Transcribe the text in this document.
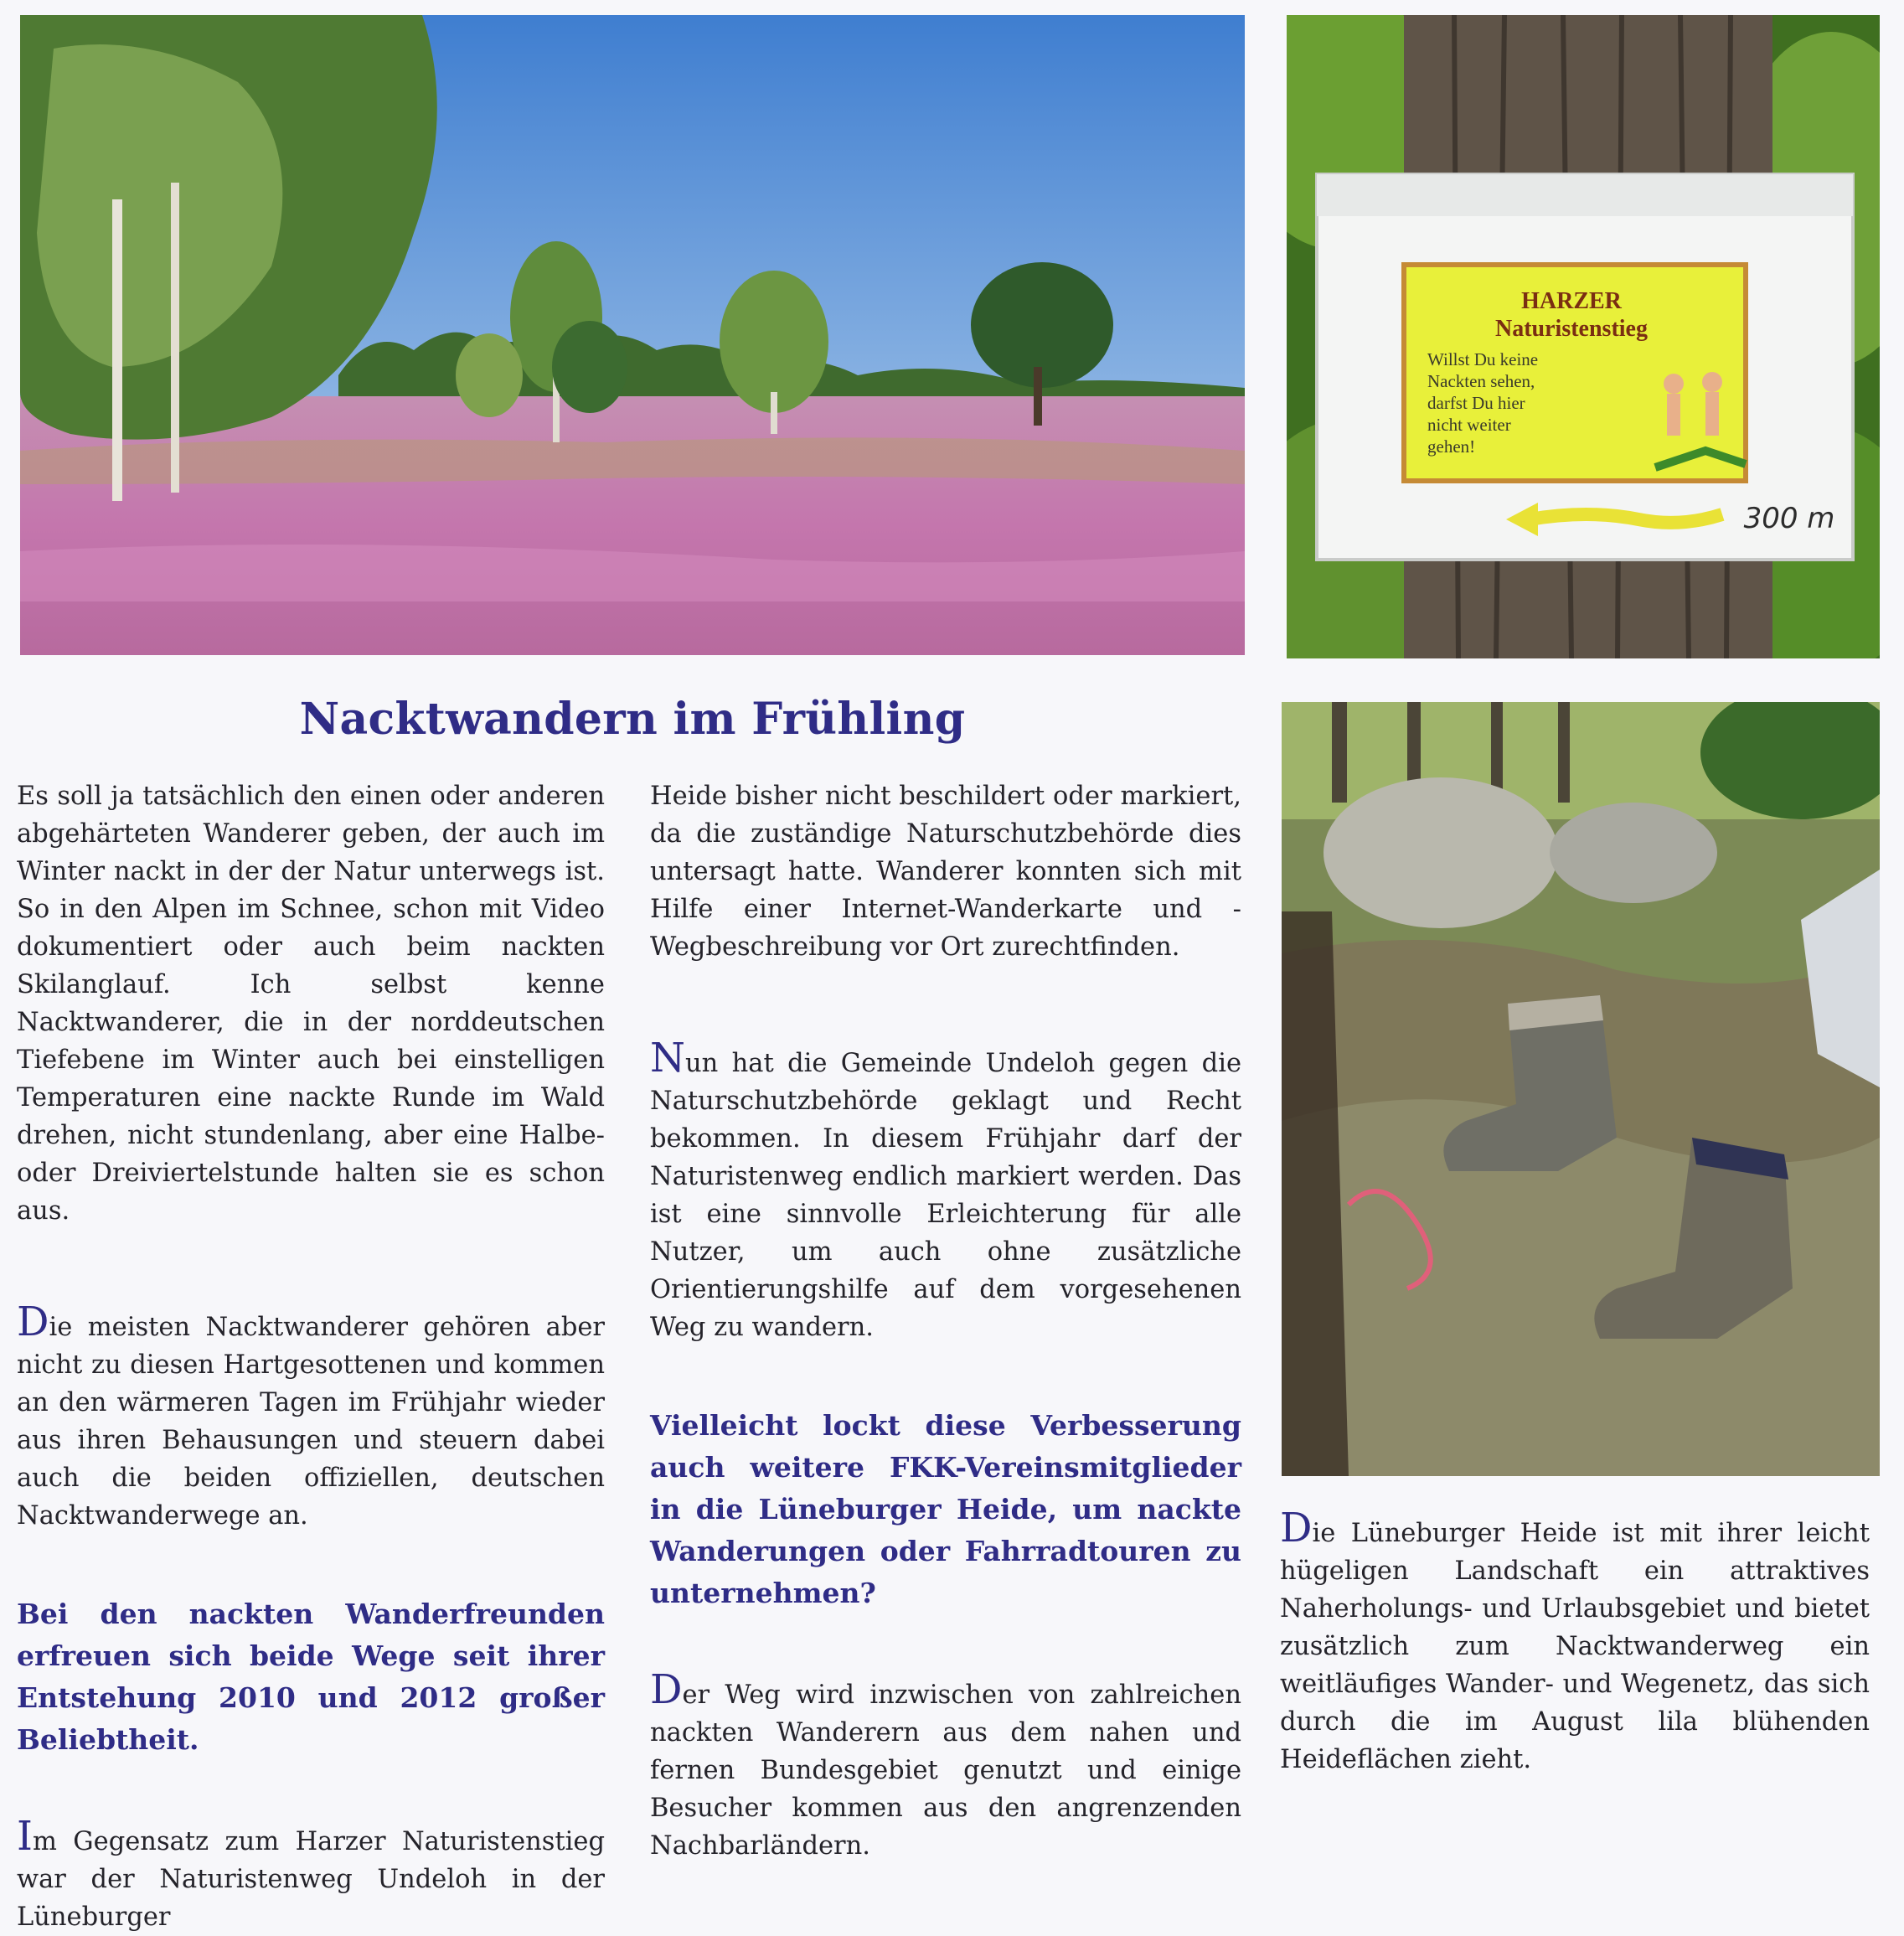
HARZER
Naturistenstieg
Willst Du keine
Nackten sehen,
darfst Du hier
nicht weiter
gehen!
300 m
Nacktwandern im Frühling

Es soll ja tatsächlich den einen oder anderen abgehärteten Wanderer geben, der auch im Winter nackt in der der Natur unterwegs ist. So in den Alpen im Schnee, schon mit Video dokumentiert oder auch beim nackten Skilanglauf. Ich selbst kenne Nacktwanderer, die in der norddeutschen Tiefebene im Winter auch bei einstelligen Temperaturen eine nackte Runde im Wald drehen, nicht stundenlang, aber eine Halbe- oder Dreiviertelstunde halten sie es schon aus.

Die meisten Nacktwanderer gehören aber nicht zu diesen Hartgesottenen und kommen an den wärmeren Tagen im Frühjahr wieder aus ihren Behausungen und steuern dabei auch die beiden offiziellen, deutschen Nacktwanderwege an.

Bei den nackten Wanderfreunden erfreuen sich beide Wege seit ihrer Entstehung 2010 und 2012 großer Beliebtheit.

Im Gegensatz zum Harzer Naturistenstieg war der Naturistenweg Undeloh in der Lüneburger

Heide bisher nicht beschildert oder markiert, da die zuständige Naturschutzbehörde dies untersagt hatte. Wanderer konnten sich mit Hilfe einer Internet-Wanderkarte und -Wegbeschreibung vor Ort zurechtfinden.

Nun hat die Gemeinde Undeloh gegen die Naturschutzbehörde geklagt und Recht bekommen. In diesem Frühjahr darf der Naturistenweg endlich markiert werden. Das ist eine sinnvolle Erleichterung für alle Nutzer, um auch ohne zusätzliche Orientierungshilfe auf dem vorgesehenen Weg zu wandern.

Vielleicht lockt diese Verbesserung auch weitere FKK-Vereinsmitglieder in die Lüneburger Heide, um nackte Wanderungen oder Fahrradtouren zu unternehmen?

Der Weg wird inzwischen von zahlreichen nackten Wanderern aus dem nahen und fernen Bundesgebiet genutzt und einige Besucher kommen aus den angrenzenden Nachbarländern.

Die Lüneburger Heide ist mit ihrer leicht hügeligen Landschaft ein attraktives Naherholungs- und Urlaubsgebiet und bietet zusätzlich zum Nacktwanderweg ein weitläufiges Wander- und Wegenetz, das sich durch die im August lila blühenden Heideflächen zieht.
